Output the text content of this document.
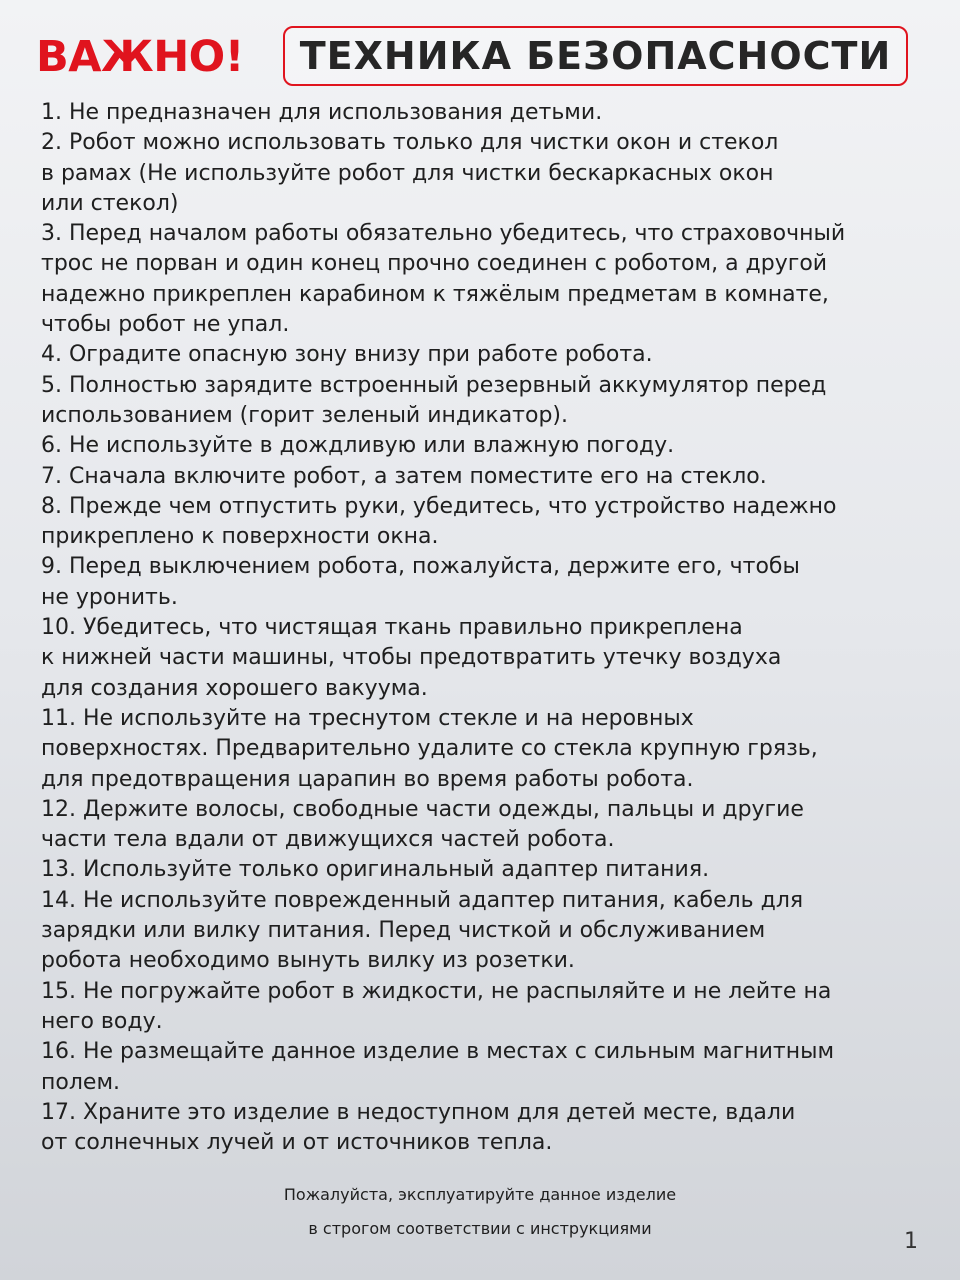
ВАЖНО! ТЕХНИКА БЕЗОПАСНОСТИ
1. Не предназначен для использования детьми.
2. Робот можно использовать только для чистки окон и стекол
в рамах (Не используйте робот для чистки бескаркасных окон
или стекол)
3. Перед началом работы обязательно убедитесь, что страховочный
трос не порван и один конец прочно соединен с роботом, а другой
надежно прикреплен карабином к тяжёлым предметам в комнате,
чтобы робот не упал.
4. Оградите опасную зону внизу при работе робота.
5. Полностью зарядите встроенный резервный аккумулятор перед
использованием (горит зеленый индикатор).
6. Не используйте в дождливую или влажную погоду.
7. Сначала включите робот, а затем поместите его на стекло.
8. Прежде чем отпустить руки, убедитесь, что устройство надежно
прикреплено к поверхности окна.
9. Перед выключением робота, пожалуйста, держите его, чтобы
не уронить.
10. Убедитесь, что чистящая ткань правильно прикреплена
к нижней части машины, чтобы предотвратить утечку воздуха
для создания хорошего вакуума.
11. Не используйте на треснутом стекле и на неровных
поверхностях. Предварительно удалите со стекла крупную грязь,
для предотвращения царапин во время работы робота.
12. Держите волосы, свободные части одежды, пальцы и другие
части тела вдали от движущихся частей робота.
13. Используйте только оригинальный адаптер питания.
14. Не используйте поврежденный адаптер питания, кабель для
зарядки или вилку питания. Перед чисткой и обслуживанием
робота необходимо вынуть вилку из розетки.
15. Не погружайте робот в жидкости, не распыляйте и не лейте на
него воду.
16. Не размещайте данное изделие в местах с сильным магнитным
полем.
17. Храните это изделие в недоступном для детей месте, вдали
от солнечных лучей и от источников тепла.
Пожалуйста, эксплуатируйте данное изделие
в строгом соответствии с инструкциями
1
